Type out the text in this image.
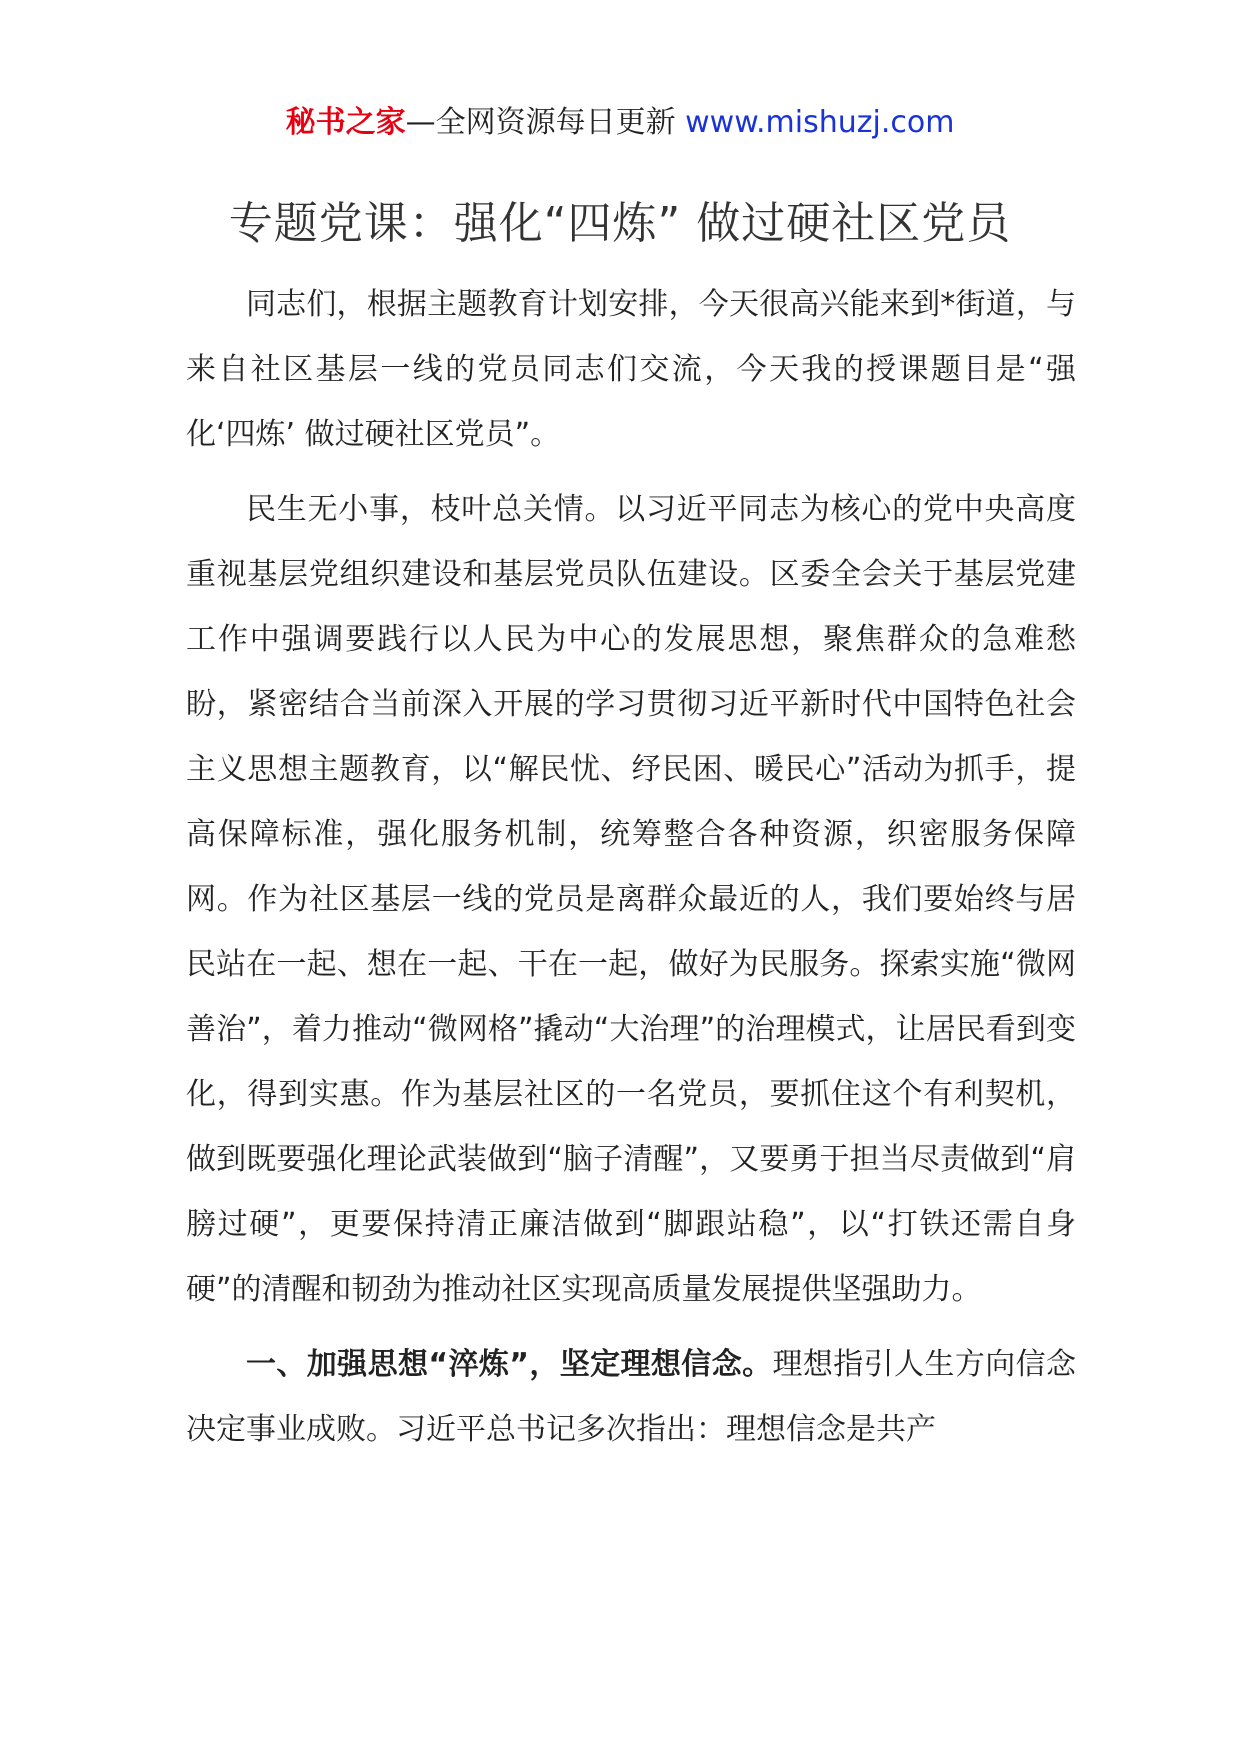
秘书之家—全网资源每日更新 www.mishuzj.com
专题党课：强化“四炼” 做过硬社区党员

同志们，根据主题教育计划安排，今天很高兴能来到*街道，与来自社区基层一线的党员同志们交流，今天我的授课题目是“强化‘四炼’ 做过硬社区党员”。

民生无小事，枝叶总关情。以习近平同志为核心的党中央高度重视基层党组织建设和基层党员队伍建设。区委全会关于基层党建工作中强调要践行以人民为中心的发展思想，聚焦群众的急难愁盼，紧密结合当前深入开展的学习贯彻习近平新时代中国特色社会主义思想主题教育，以“解民忧、纾民困、暖民心”活动为抓手，提高保障标准，强化服务机制，统筹整合各种资源，织密服务保障网。作为社区基层一线的党员是离群众最近的人，我们要始终与居民站在一起、想在一起、干在一起，做好为民服务。探索实施“微网善治”，着力推动“微网格”撬动“大治理”的治理模式，让居民看到变化，得到实惠。作为基层社区的一名党员，要抓住这个有利契机，做到既要强化理论武装做到“脑子清醒”，又要勇于担当尽责做到“肩膀过硬”，更要保持清正廉洁做到“脚跟站稳”，以“打铁还需自身硬”的清醒和韧劲为推动社区实现高质量发展提供坚强助力。

一、加强思想“淬炼”，坚定理想信念。理想指引人生方向信念决定事业成败。习近平总书记多次指出：理想信念是共产
